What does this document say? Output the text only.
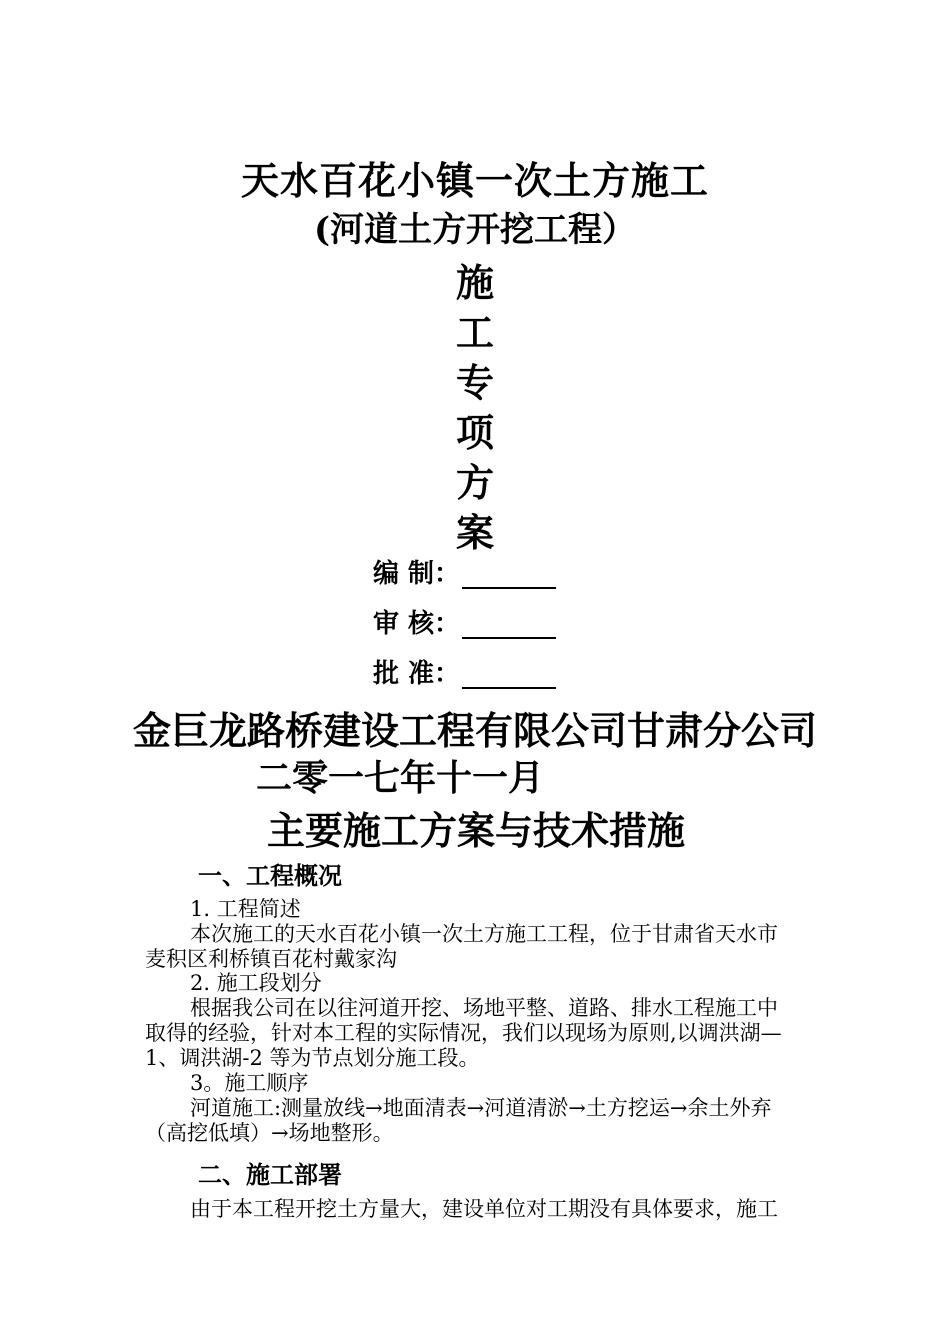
天水百花小镇一次土方施工
(河道土方开挖工程）
施
工
专
项
方
案
编 制：
审 核：
批 准：
金巨龙路桥建设工程有限公司甘肃分公司
二零一七年十一月
主要施工方案与技术措施
一、工程概况
1. 工程简述
本次施工的天水百花小镇一次土方施工工程，位于甘肃省天水市
麦积区利桥镇百花村戴家沟
2. 施工段划分
根据我公司在以往河道开挖、场地平整、道路、排水工程施工中
取得的经验，针对本工程的实际情况，我们以现场为原则,以调洪湖—
1、调洪湖-2 等为节点划分施工段。
3。施工顺序
河道施工:测量放线→地面清表→河道清淤→土方挖运→余土外弃
（高挖低填）→场地整形。
二、施工部署
由于本工程开挖土方量大，建设单位对工期没有具体要求，施工
